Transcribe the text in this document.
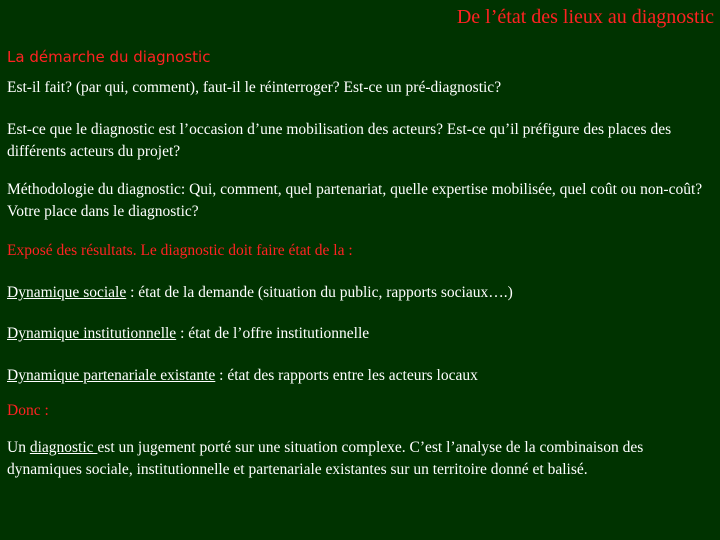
De l’état des lieux au diagnostic
La démarche du diagnostic
Est-il fait? (par qui, comment), faut-il le réinterroger? Est-ce un pré-diagnostic?
Est-ce que le diagnostic est l’occasion d’une mobilisation des acteurs? Est-ce qu’il préfigure des places des différents acteurs du projet?
Méthodologie du diagnostic: Qui, comment, quel partenariat, quelle expertise mobilisée, quel coût ou non-coût? Votre place dans le diagnostic?
Exposé des résultats. Le diagnostic doit faire état de la :
Dynamique sociale : état de la demande (situation du public, rapports sociaux….)
Dynamique institutionnelle : état de l’offre institutionnelle
Dynamique partenariale existante : état des rapports entre les acteurs locaux
Donc :
Un diagnostic est un jugement porté sur une situation complexe. C’est l’analyse de la combinaison des dynamiques sociale, institutionnelle et partenariale existantes sur un territoire donné et balisé.
